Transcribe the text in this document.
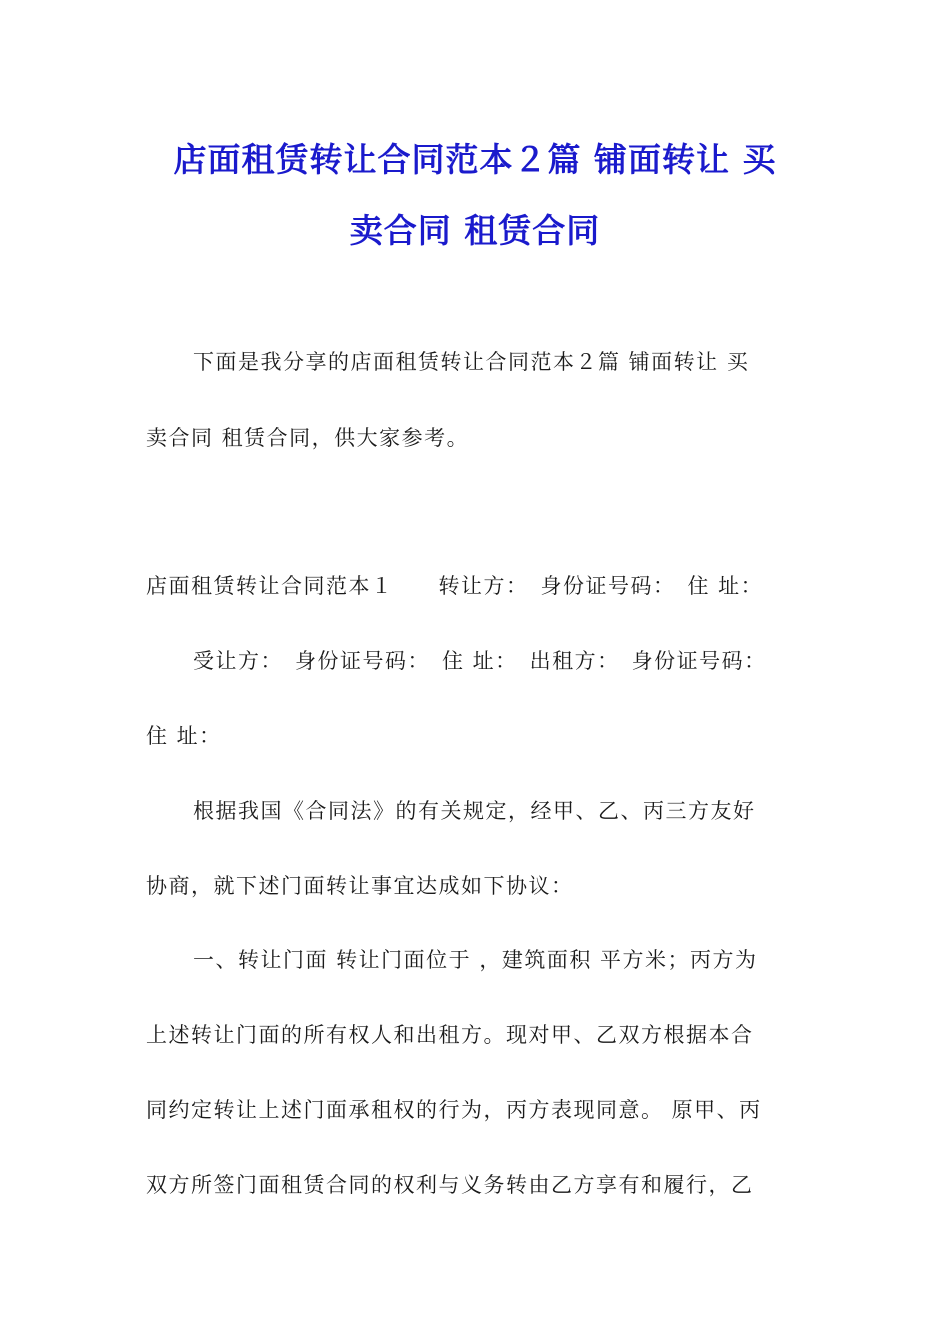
店面租赁转让合同范本２篇 铺面转让 买
卖合同 租赁合同
下面是我分享的店面租赁转让合同范本２篇 铺面转让 买
卖合同 租赁合同，供大家参考。
店面租赁转让合同范本１　　转让方：　身份证号码：　住 址：
受让方：　身份证号码：　住 址：　出租方：　身份证号码：
住 址：
根据我国《合同法》的有关规定，经甲、乙、丙三方友好
协商，就下述门面转让事宜达成如下协议：
一、转让门面 转让门面位于 ，建筑面积 平方米；丙方为
上述转让门面的所有权人和出租方。现对甲、乙双方根据本合
同约定转让上述门面承租权的行为，丙方表现同意。 原甲、丙
双方所签门面租赁合同的权利与义务转由乙方享有和履行，乙
